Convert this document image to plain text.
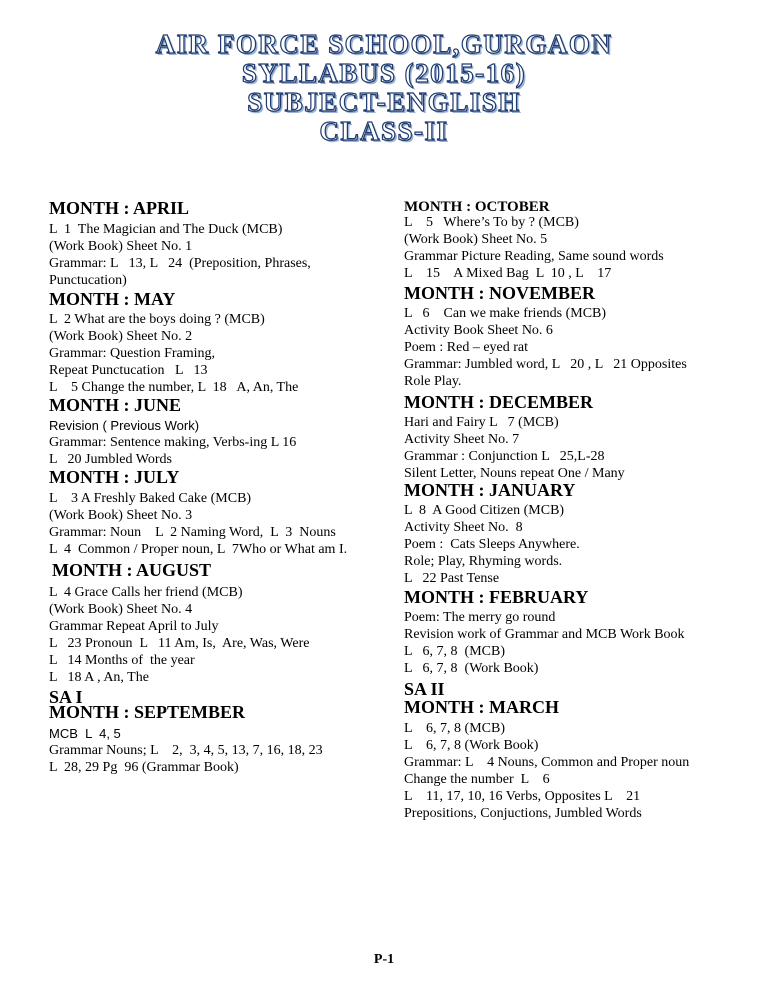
AIR FORCE SCHOOL,GURGAON
SYLLABUS (2015-16)
SUBJECT-ENGLISH
CLASS-II
MONTH : APRIL
L  1  The Magician and The Duck (MCB)
(Work Book) Sheet No. 1
Grammar: L   13, L   24  (Preposition, Phrases,
Punctucation)
MONTH : MAY
L  2 What are the boys doing ? (MCB)
(Work Book) Sheet No. 2
Grammar: Question Framing,
Repeat Punctucation   L   13
L    5 Change the number, L  18   A, An, The
MONTH : JUNE
Revision ( Previous Work)
Grammar: Sentence making, Verbs-ing L 16
L   20 Jumbled Words
MONTH : JULY
L    3 A Freshly Baked Cake (MCB)
(Work Book) Sheet No. 3
Grammar: Noun    L  2 Naming Word,  L  3  Nouns
L  4  Common / Proper noun, L  7Who or What am I.
MONTH : AUGUST
L  4 Grace Calls her friend (MCB)
(Work Book) Sheet No. 4
Grammar Repeat April to July
L   23 Pronoun  L   11 Am, Is,  Are, Was, Were
L   14 Months of  the year
L   18 A , An, The
SA I
MONTH : SEPTEMBER
MCB  L  4, 5
Grammar Nouns; L    2,  3, 4, 5, 13, 7, 16, 18, 23
L  28, 29 Pg  96 (Grammar Book)
MONTH : OCTOBER
L    5   Where’s To by ? (MCB)
(Work Book) Sheet No. 5
Grammar Picture Reading, Same sound words
L    15    A Mixed Bag  L  10 , L    17
MONTH : NOVEMBER
L   6    Can we make friends (MCB)
Activity Book Sheet No. 6
Poem : Red – eyed rat
Grammar: Jumbled word, L   20 , L   21 Opposites
Role Play.
MONTH : DECEMBER
Hari and Fairy L   7 (MCB)
Activity Sheet No. 7
Grammar : Conjunction L   25,L-28
Silent Letter, Nouns repeat One / Many
MONTH : JANUARY
L  8  A Good Citizen (MCB)
Activity Sheet No.  8
Poem :  Cats Sleeps Anywhere.
Role; Play, Rhyming words.
L   22 Past Tense
MONTH : FEBRUARY
Poem: The merry go round
Revision work of Grammar and MCB Work Book
L   6, 7, 8  (MCB)
L   6, 7, 8  (Work Book)
SA II
MONTH : MARCH
L    6, 7, 8 (MCB)
L    6, 7, 8 (Work Book)
Grammar: L    4 Nouns, Common and Proper noun
Change the number  L    6
L    11, 17, 10, 16 Verbs, Opposites L    21
Prepositions, Conjuctions, Jumbled Words
P-1
